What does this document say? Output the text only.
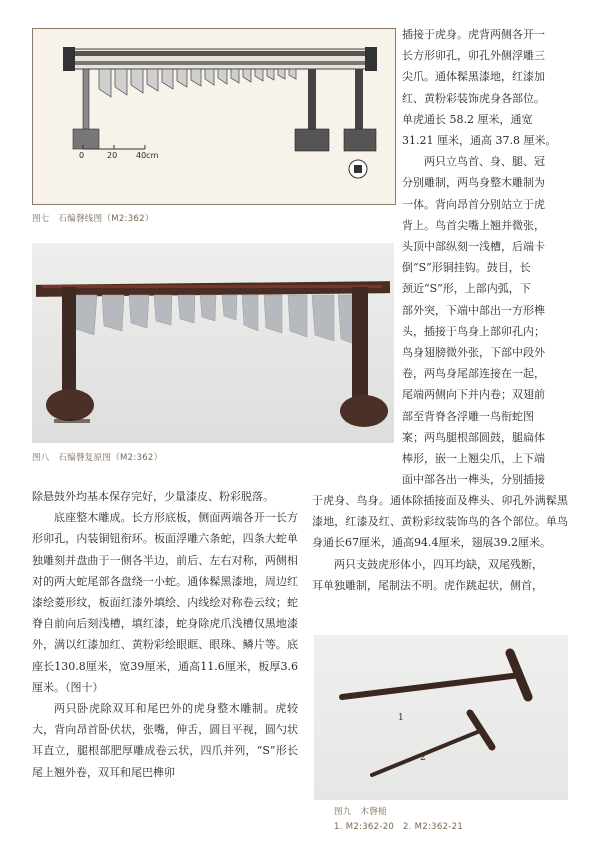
0	20 40cm
图七　石编磬线图（M2:362）
图八　石编磬复原图（M2:362）

插接于虎身。虎背两侧各开一

长方形卯孔，卯孔外侧浮雕三

尖爪。通体髹黑漆地，红漆加

红、黄粉彩装饰虎身各部位。

单虎通长 58.2 厘米，通宽

31.21 厘米，通高 37.8 厘米。

两只立鸟首、身、腿、冠

分别雕制，两鸟身整木雕制为

一体。背向昂首分别站立于虎

背上。鸟首尖嘴上翘并微张，

头顶中部纵刻一浅槽，后端卡

倒“S”形铜挂钩。鼓目，长

颈近“S”形，上部内弧，下

部外突，下端中部出一方形榫

头，插接于鸟身上部卯孔内；

鸟身翅膀微外张，下部中段外

卷，两鸟身尾部连接在一起，

尾端两侧向下并内卷；双翅前

部至背脊各浮雕一鸟衔蛇图

案；两鸟腿根部圆鼓，腿扁体

棒形，嵌一上翘尖爪，上下端

面中部各出一榫头，分别插接

于虎身、鸟身。通体除插接面及榫头、卯孔外满髹黑漆地，红漆及红、黄粉彩纹装饰鸟的各个部位。单鸟身通长67厘米，通高94.4厘米，翅展39.2厘米。

两只支鼓虎形体小，四耳均缺，双尾残断，

耳单独雕制，尾制法不明。虎作跳起状，侧首，

1
2
图九　木磬槌
1. M2:362-20　2. M2:362-21

除悬鼓外均基本保存完好，少量漆皮、粉彩脱落。

底座整木雕成。长方形底板，侧面两端各开一长方形卯孔，内装铜钮衔环。板面浮雕六条蛇，四条大蛇单独雕刻并盘曲于一侧各半边，前后、左右对称，两侧相对的两大蛇尾部各盘绕一小蛇。通体髹黑漆地，周边红漆绘菱形纹，板面红漆外填绘、内线绘对称卷云纹；蛇脊自前向后刻浅槽，填红漆，蛇身除虎爪浅槽仅黑地漆外，满以红漆加红、黄粉彩绘眼眶、眼珠、鳞片等。底座长130.8厘米，宽39厘米，通高11.6厘米，板厚3.6厘米。（图十）

两只卧虎除双耳和尾巴外的虎身整木雕制。虎较大，背向昂首卧伏状，张嘴，伸舌，圆目平视，圆勺状耳直立，腿根部肥厚雕成卷云状，四爪并列，“S”形长尾上翘外卷，双耳和尾巴榫卯
